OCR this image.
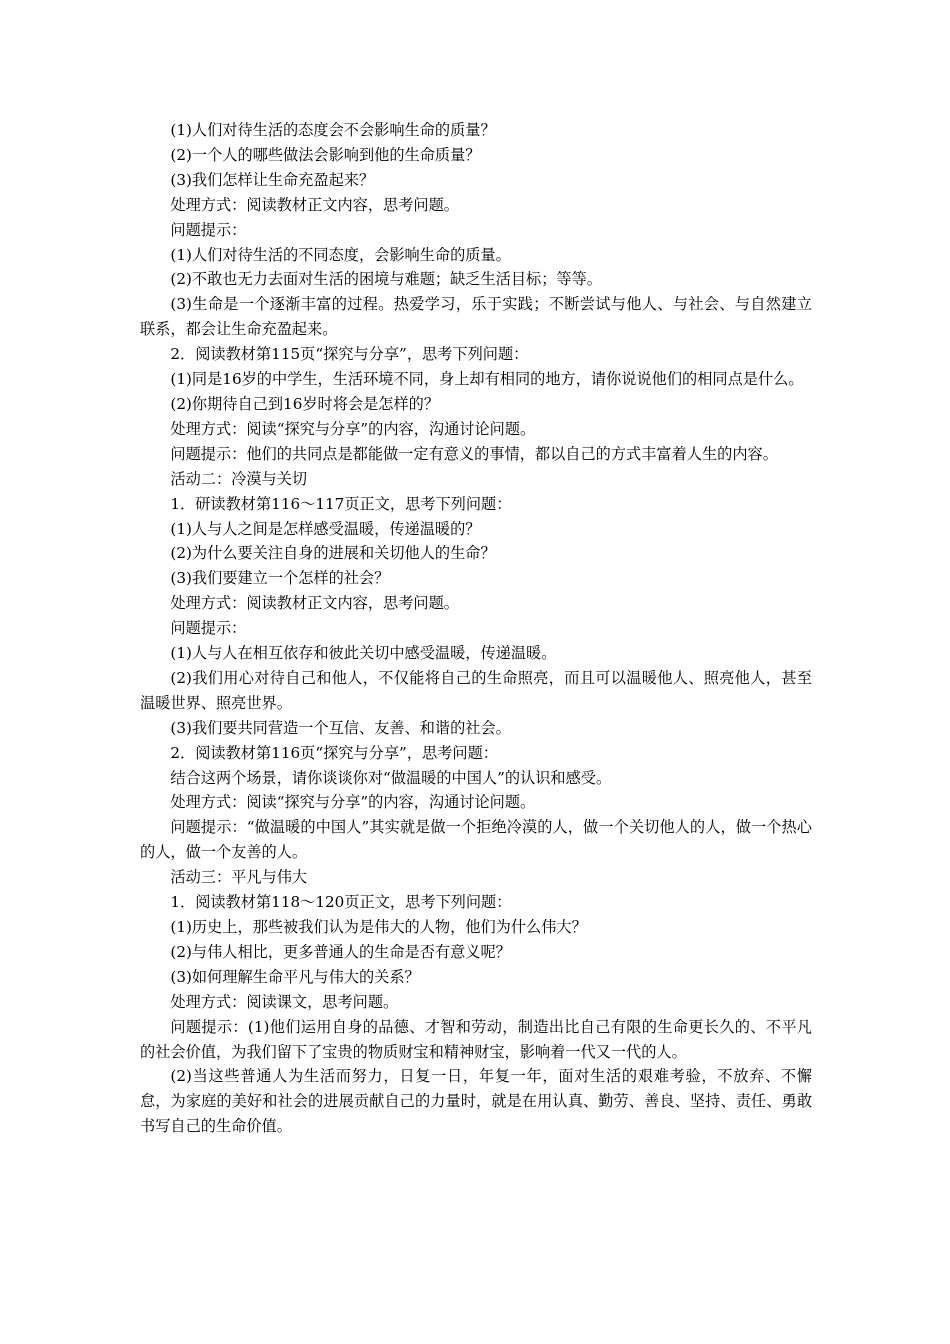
(1)人们对待生活的态度会不会影响生命的质量？

(2)一个人的哪些做法会影响到他的生命质量？

(3)我们怎样让生命充盈起来？

处理方式：阅读教材正文内容，思考问题。

问题提示：

(1)人们对待生活的不同态度，会影响生命的质量。

(2)不敢也无力去面对生活的困境与难题；缺乏生活目标；等等。

(3)生命是一个逐渐丰富的过程。热爱学习，乐于实践；不断尝试与他人、与社会、与自然建立联系，都会让生命充盈起来。

2．阅读教材第115页“探究与分享”，思考下列问题：

(1)同是16岁的中学生，生活环境不同，身上却有相同的地方，请你说说他们的相同点是什么。

(2)你期待自己到16岁时将会是怎样的？

处理方式：阅读“探究与分享”的内容，沟通讨论问题。

问题提示：他们的共同点是都能做一定有意义的事情，都以自己的方式丰富着人生的内容。

活动二：冷漠与关切

1．研读教材第116～117页正文，思考下列问题：

(1)人与人之间是怎样感受温暖，传递温暖的？

(2)为什么要关注自身的进展和关切他人的生命？

(3)我们要建立一个怎样的社会？

处理方式：阅读教材正文内容，思考问题。

问题提示：

(1)人与人在相互依存和彼此关切中感受温暖，传递温暖。

(2)我们用心对待自己和他人，不仅能将自己的生命照亮，而且可以温暖他人、照亮他人，甚至温暖世界、照亮世界。

(3)我们要共同营造一个互信、友善、和谐的社会。

2．阅读教材第116页“探究与分享”，思考问题：

结合这两个场景，请你谈谈你对“做温暖的中国人”的认识和感受。

处理方式：阅读“探究与分享”的内容，沟通讨论问题。

问题提示：“做温暖的中国人”其实就是做一个拒绝冷漠的人，做一个关切他人的人，做一个热心的人，做一个友善的人。

活动三：平凡与伟大

1．阅读教材第118～120页正文，思考下列问题：

(1)历史上，那些被我们认为是伟大的人物，他们为什么伟大？

(2)与伟人相比，更多普通人的生命是否有意义呢？

(3)如何理解生命平凡与伟大的关系？

处理方式：阅读课文，思考问题。

问题提示：(1)他们运用自身的品德、才智和劳动，制造出比自己有限的生命更长久的、不平凡的社会价值，为我们留下了宝贵的物质财宝和精神财宝，影响着一代又一代的人。

(2)当这些普通人为生活而努力，日复一日，年复一年，面对生活的艰难考验，不放弃、不懈怠，为家庭的美好和社会的进展贡献自己的力量时，就是在用认真、勤劳、善良、坚持、责任、勇敢书写自己的生命价值。
